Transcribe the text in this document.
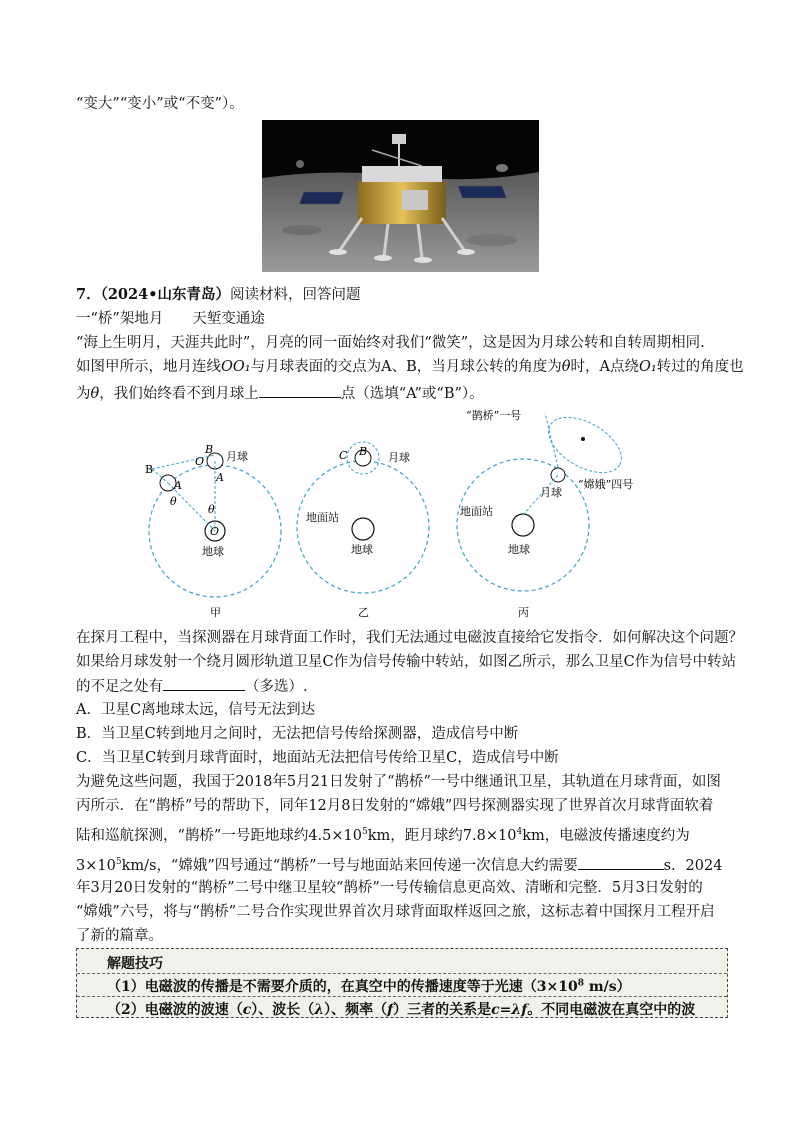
“变大”“变小”或“不变”）。
7．（2024•山东青岛）阅读材料，回答问题
一“桥”架地月　　天堑变通途
“海上生明月，天涯共此时”，月亮的同一面始终对我们“微笑”，这是因为月球公转和自转周期相同.
如图甲所示，地月连线OO₁与月球表面的交点为A、B，当月球公转的角度为θ时，A点绕O₁转过的角度也
为θ，我们始终看不到月球上	点（选填“A”或“B”）。
B
A
θ
θ
B
O
A
O
月球
地球
甲
C B 月球
地面站
地球
乙
“鹊桥”一号
“嫦娥”四号
月球
地面站
地球
丙
在探月工程中，当探测器在月球背面工作时，我们无法通过电磁波直接给它发指令．如何解决这个问题？
如果给月球发射一个绕月圆形轨道卫星C作为信号传输中转站，如图乙所示，那么卫星C作为信号中转站
的不足之处有	（多选）.
A．卫星C离地球太远，信号无法到达
B．当卫星C转到地月之间时，无法把信号传给探测器，造成信号中断
C．当卫星C转到月球背面时，地面站无法把信号传给卫星C，造成信号中断
为避免这些问题，我国于2018年5月21日发射了“鹊桥”一号中继通讯卫星，其轨道在月球背面，如图
丙所示．在“鹊桥”号的帮助下，同年12月8日发射的“嫦娥”四号探测器实现了世界首次月球背面软着
陆和巡航探测，“鹊桥”一号距地球约$4.5\times 10^5km$，距月球约$7.8\times 10^4km$，电磁波传播速度约为
$3\times 10^5km/s$，“嫦娥”四号通过“鹊桥”一号与地面站来回传递一次信息大约需要	s．2024
年3月20日发射的“鹊桥”二号中继卫星较“鹊桥”一号传输信息更高效、清晰和完整．5月3日发射的
“嫦娥”六号，将与“鹊桥”二号合作实现世界首次月球背面取样返回之旅，这标志着中国探月工程开启
了新的篇章。
解题技巧
（1）电磁波的传播是不需要介质的，在真空中的传播速度等于光速（$3\times 10^8$ m/s）
（2）电磁波的波速（c）、波长（λ）、频率（f）三者的关系是c=λf。不同电磁波在真空中的波
